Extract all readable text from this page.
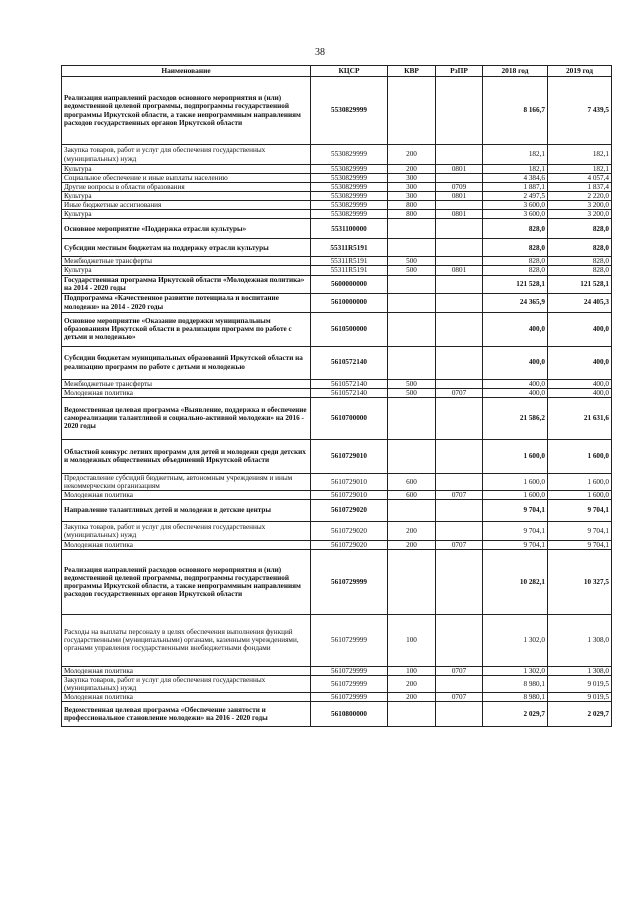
38
Наименование	КЦСР	КВР	РзПР	2018 год	2019 год
Реализация направлений расходов основного мероприятия и (или) ведомственной целевой программы, подпрограммы государственной программы Иркутской области, а также непрограммным направлениям расходов государственных органов Иркутской области	5530829999			8 166,7	7 439,5
Закупка товаров, работ и услуг для обеспечения государственных (муниципальных) нужд	5530829999	200		182,1	182,1
Культура	5530829999	200	0801	182,1	182,1
Социальное обеспечение и иные выплаты населению	5530829999	300		4 384,6	4 057,4
Другие вопросы в области образования	5530829999	300	0709	1 887,1	1 837,4
Культура	5530829999	300	0801	2 497,5	2 220,0
Иные бюджетные ассигнования	5530829999	800		3 600,0	3 200,0
Культура	5530829999	800	0801	3 600,0	3 200,0
Основное мероприятие «Поддержка отрасли культуры»	5531100000			828,0	828,0
Субсидии местным бюджетам на поддержку отрасли культуры	55311R5191			828,0	828,0
Межбюджетные трансферты	55311R5191	500		828,0	828,0
Культура	55311R5191	500	0801	828,0	828,0
Государственная программа Иркутской области «Молодежная политика» на 2014 - 2020 годы	5600000000			121 528,1	121 528,1
Подпрограмма «Качественное развитие потенциала и воспитание молодежи» на 2014 - 2020 годы	5610000000			24 365,9	24 405,3
Основное мероприятие «Оказание поддержки муниципальным образованиям Иркутской области в реализации программ по работе с детьми и молодежью»	5610500000			400,0	400,0
Субсидии бюджетам муниципальных образований Иркутской области на реализацию программ по работе с детьми и молодежью	5610572140			400,0	400,0
Межбюджетные трансферты	5610572140	500		400,0	400,0
Молодежная политика	5610572140	500	0707	400,0	400,0
Ведомственная целевая программа «Выявление, поддержка и обеспечение самореализации талантливой и социально-активной молодежи» на 2016 - 2020 годы	5610700000			21 586,2	21 631,6
Областной конкурс летних программ для детей и молодежи среди детских и молодежных общественных объединений Иркутской области	5610729010			1 600,0	1 600,0
Предоставление субсидий бюджетным, автономным учреждениям и иным некоммерческим организациям	5610729010	600		1 600,0	1 600,0
Молодежная политика	5610729010	600	0707	1 600,0	1 600,0
Направление талантливых детей и молодежи в детские центры	5610729020			9 704,1	9 704,1
Закупка товаров, работ и услуг для обеспечения государственных (муниципальных) нужд	5610729020	200		9 704,1	9 704,1
Молодежная политика	5610729020	200	0707	9 704,1	9 704,1
Реализация направлений расходов основного мероприятия и (или) ведомственной целевой программы, подпрограммы государственной программы Иркутской области, а также непрограммным направлениям расходов государственных органов Иркутской области	5610729999			10 282,1	10 327,5
Расходы на выплаты персоналу в целях обеспечения выполнения функций государственными (муниципальными) органами, казенными учреждениями, органами управления государственными внебюджетными фондами	5610729999	100		1 302,0	1 308,0
Молодежная политика	5610729999	100	0707	1 302,0	1 308,0
Закупка товаров, работ и услуг для обеспечения государственных (муниципальных) нужд	5610729999	200		8 980,1	9 019,5
Молодежная политика	5610729999	200	0707	8 980,1	9 019,5
Ведомственная целевая программа «Обеспечение занятости и профессиональное становление молодежи» на 2016 - 2020 годы	5610800000			2 029,7	2 029,7
